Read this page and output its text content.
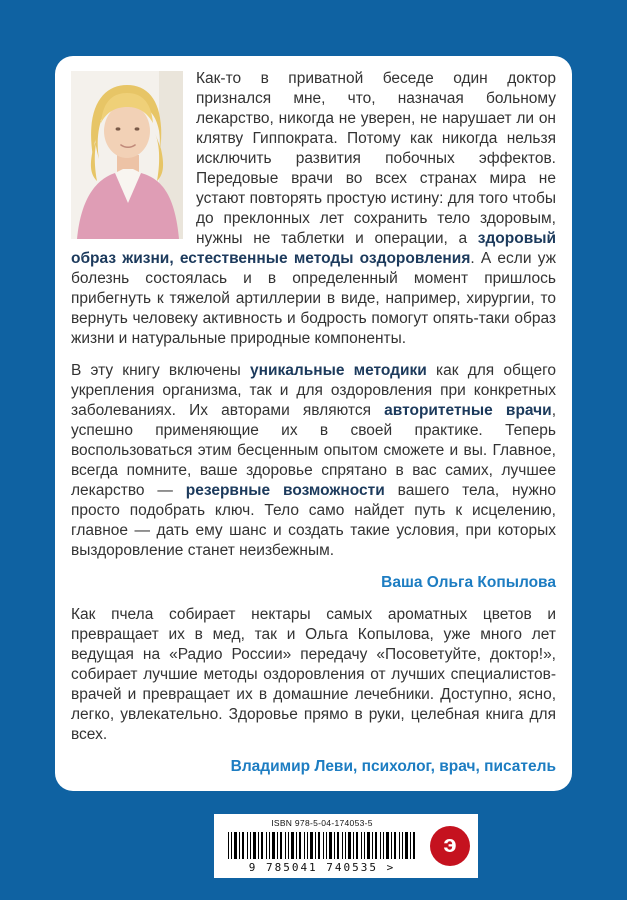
Как-то в приватной беседе один доктор признался мне, что, назначая больному лекарство, никогда не уверен, не нарушает ли он клятву Гиппократа. Потому как никогда нельзя исключить развития побочных эффектов. Передовые врачи во всех странах мира не устают повторять простую истину: для того чтобы до преклонных лет сохранить тело здоровым, нужны не таблетки и операции, а здоровый образ жизни, естественные методы оздоровления. А если уж болезнь состоялась и в определенный момент пришлось прибегнуть к тяжелой артиллерии в виде, например, хирургии, то вернуть человеку активность и бодрость помогут опять-таки образ жизни и натуральные природные компоненты.

В эту книгу включены уникальные методики как для общего укрепления организма, так и для оздоровления при конкретных заболеваниях. Их авторами являются авторитетные врачи, успешно применяющие их в своей практике. Теперь воспользоваться этим бесценным опытом сможете и вы. Главное, всегда помните, ваше здоровье спрятано в вас самих, лучшее лекарство — резервные возможности вашего тела, нужно просто подобрать ключ. Тело само найдет путь к исцелению, главное — дать ему шанс и создать такие условия, при которых выздоровление станет неизбежным.

Ваша Ольга Копылова

Как пчела собирает нектары самых ароматных цветов и превращает их в мед, так и Ольга Копылова, уже много лет ведущая на «Радио России» передачу «Посоветуйте, доктор!», собирает лучшие методы оздоровления от лучших специалистов-врачей и превращает их в домашние лечебники. Доступно, ясно, легко, увлекательно. Здоровье прямо в руки, целебная книга для всех.

Владимир Леви, психолог, врач, писатель

ISBN 978-5-04-174053-5
9 785041 740535 >
э
